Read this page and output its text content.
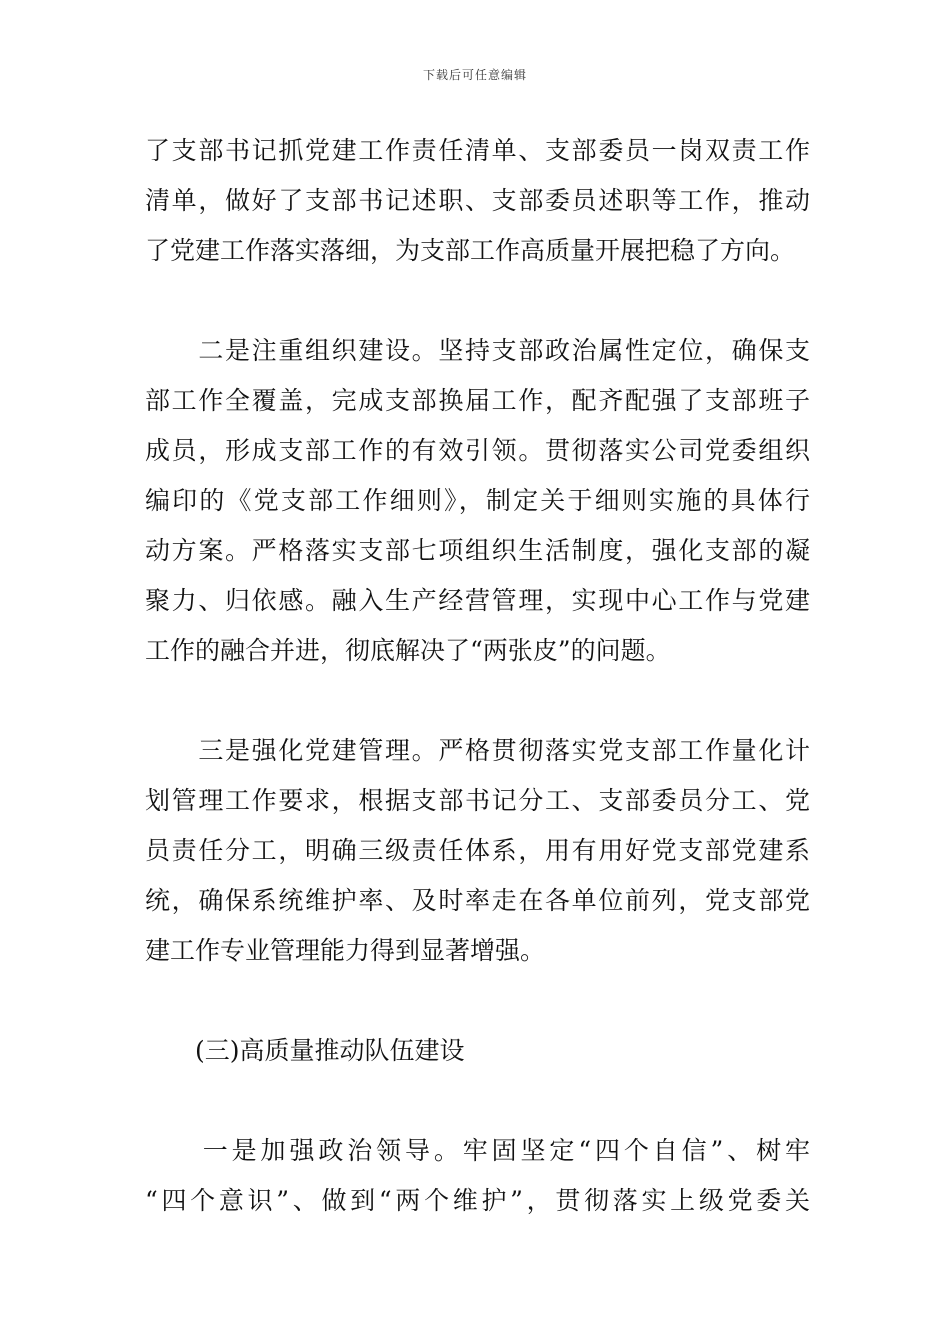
下载后可任意编辑
了支部书记抓党建工作责任清单、支部委员一岗双责工作
清单，做好了支部书记述职、支部委员述职等工作，推动
了党建工作落实落细，为支部工作高质量开展把稳了方向。
　　二是注重组织建设。坚持支部政治属性定位，确保支
部工作全覆盖，完成支部换届工作，配齐配强了支部班子
成员，形成支部工作的有效引领。贯彻落实公司党委组织
编印的《党支部工作细则》，制定关于细则实施的具体行
动方案。严格落实支部七项组织生活制度，强化支部的凝
聚力、归依感。融入生产经营管理，实现中心工作与党建
工作的融合并进，彻底解决了“两张皮”的问题。
　　三是强化党建管理。严格贯彻落实党支部工作量化计
划管理工作要求，根据支部书记分工、支部委员分工、党
员责任分工，明确三级责任体系，用有用好党支部党建系
统，确保系统维护率、及时率走在各单位前列，党支部党
建工作专业管理能力得到显著增强。
　　(三)高质量推动队伍建设
　　一是加强政治领导。牢固坚定“四个自信”、树牢
“四个意识”、做到“两个维护”，贯彻落实上级党委关
